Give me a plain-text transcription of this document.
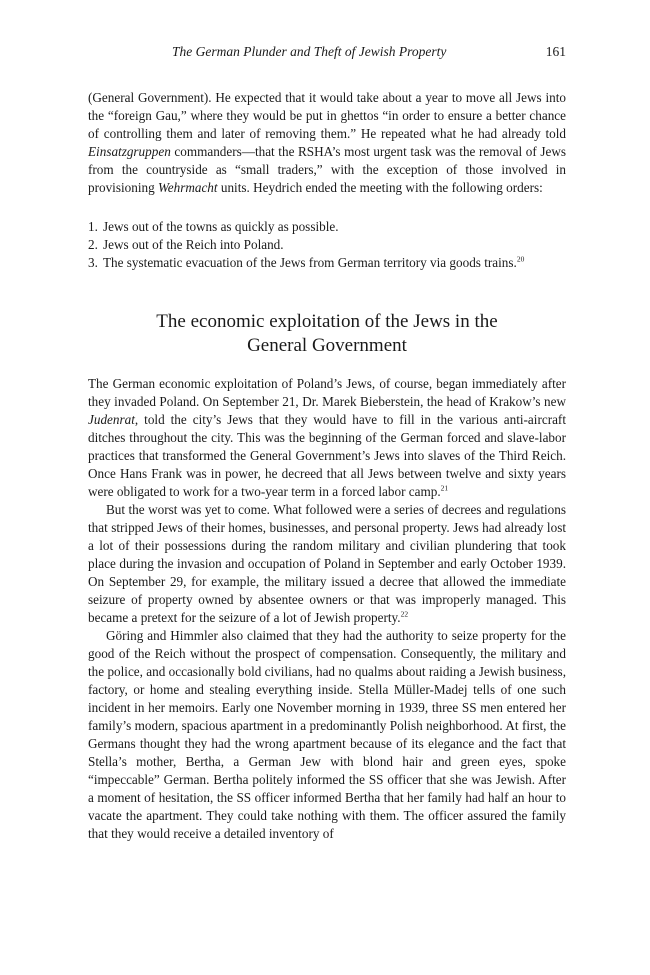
The German Plunder and Theft of Jewish Property	161

(General Government). He expected that it would take about a year to move all Jews into the “foreign Gau,” where they would be put in ghettos “in order to ensure a better chance of controlling them and later of removing them.” He repeated what he had already told Einsatzgruppen commanders—that the RSHA’s most urgent task was the removal of Jews from the countryside as “small traders,” with the exception of those involved in provisioning Wehrmacht units. Heydrich ended the meeting with the following orders:

1. Jews out of the towns as quickly as possible.
2. Jews out of the Reich into Poland.
3. The systematic evacuation of the Jews from German territory via goods trains.$^{20}$
The economic exploitation of the Jews in the
General Government

The German economic exploitation of Poland’s Jews, of course, began immediately after they invaded Poland. On September 21, Dr. Marek Bieberstein, the head of Krakow’s new Judenrat, told the city’s Jews that they would have to fill in the various anti-aircraft ditches throughout the city. This was the beginning of the German forced and slave-labor practices that transformed the General Government’s Jews into slaves of the Third Reich. Once Hans Frank was in power, he decreed that all Jews between twelve and sixty years were obligated to work for a two-year term in a forced labor camp.$^{21}$

But the worst was yet to come. What followed were a series of decrees and regulations that stripped Jews of their homes, businesses, and personal property. Jews had already lost a lot of their possessions during the random military and civilian plundering that took place during the invasion and occupation of Poland in September and early October 1939. On September 29, for example, the military issued a decree that allowed the immediate seizure of property owned by absentee owners or that was improperly managed. This became a pretext for the seizure of a lot of Jewish property.$^{22}$

Göring and Himmler also claimed that they had the authority to seize property for the good of the Reich without the prospect of compensation. Consequently, the military and the police, and occasionally bold civilians, had no qualms about raiding a Jewish business, factory, or home and stealing everything inside. Stella Müller-Madej tells of one such incident in her memoirs. Early one November morning in 1939, three SS men entered her family’s modern, spacious apartment in a predominantly Polish neighborhood. At first, the Germans thought they had the wrong apartment because of its elegance and the fact that Stella’s mother, Bertha, a German Jew with blond hair and green eyes, spoke “impeccable” German. Bertha politely informed the SS officer that she was Jewish. After a moment of hesitation, the SS officer informed Bertha that her family had half an hour to vacate the apartment. They could take nothing with them. The officer assured the family that they would receive a detailed inventory of
